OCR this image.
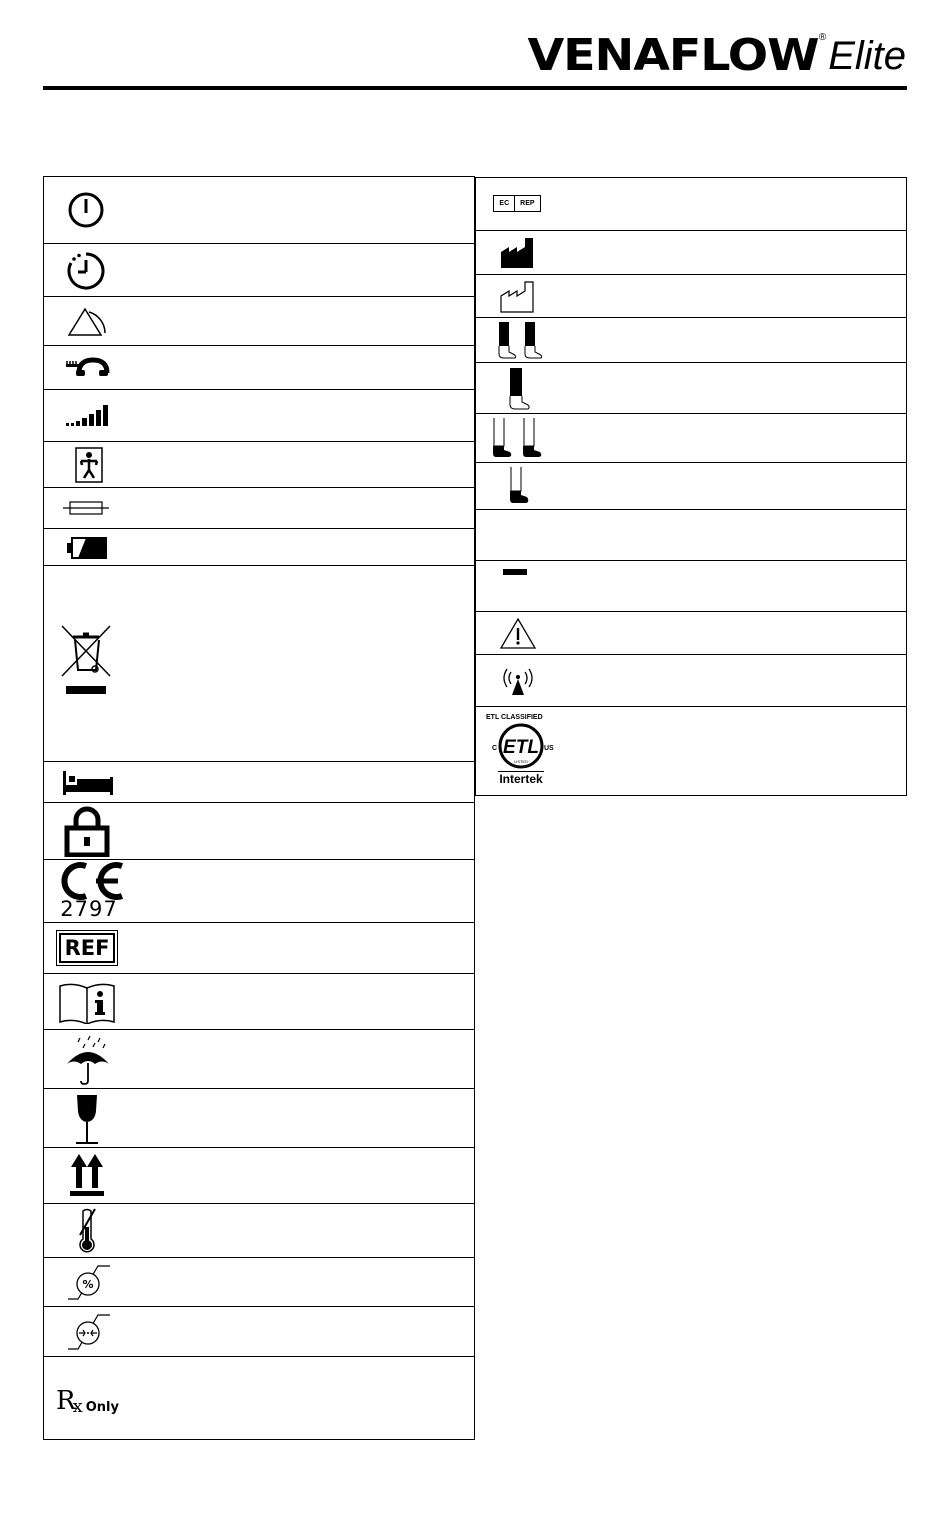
VENAFLOW ® Elite
2797
REF
%
R
x Only
EC	REP
ETL CLASSIFIED
ETL
LISTED
C	US
Intertek
